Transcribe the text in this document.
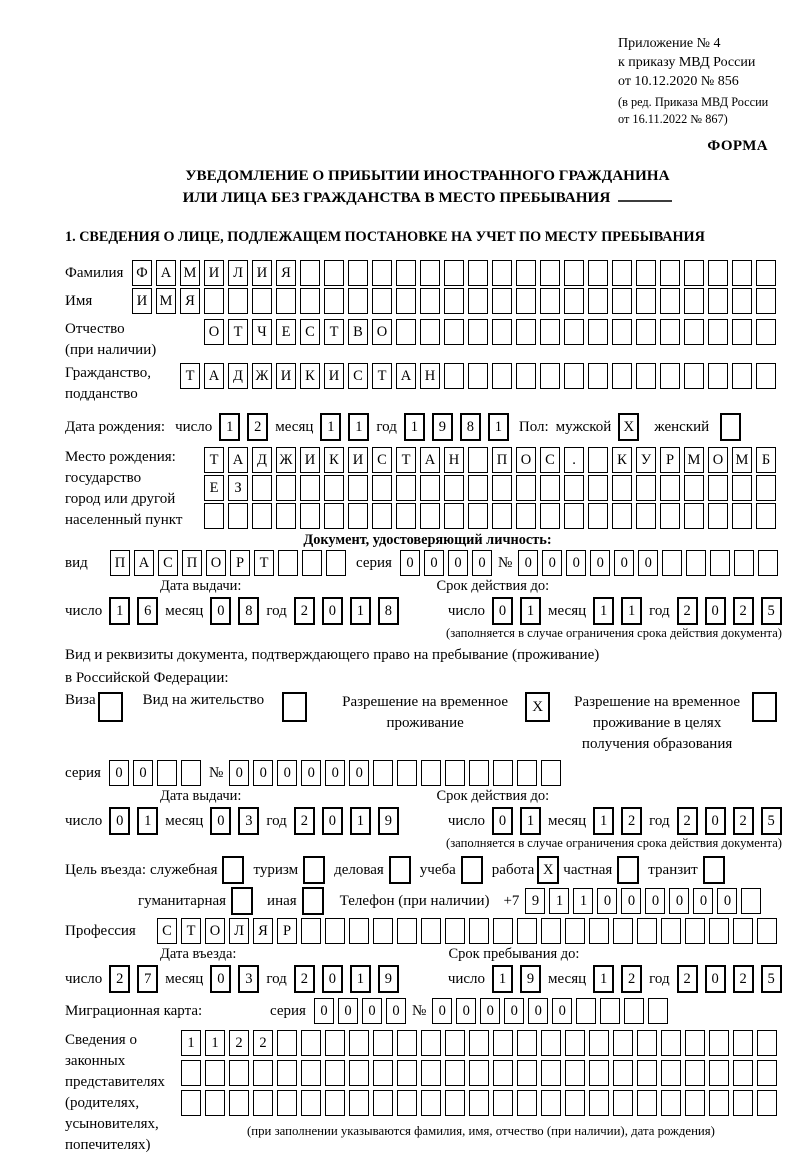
Приложение № 4
к приказу МВД России
от 10.12.2020 № 856
(в ред. Приказа МВД России
от 16.11.2022 № 867)
ФОРМА
УВЕДОМЛЕНИЕ О ПРИБЫТИИ ИНОСТРАННОГО ГРАЖДАНИНА
ИЛИ ЛИЦА БЕЗ ГРАЖДАНСТВА В МЕСТО ПРЕБЫВАНИЯ
1. СВЕДЕНИЯ О ЛИЦЕ, ПОДЛЕЖАЩЕМ ПОСТАНОВКЕ НА УЧЕТ ПО МЕСТУ ПРЕБЫВАНИЯ
Фамилия Ф А М И Л И Я
Имя	И М Я
Отчество
(при наличии)
О Т	Ч	Е	С	Т	В О
Гражданство,
подданство
Т А Д Ж И К И С	Т А Н
Дата рождения: число 1	2 месяц 1	1 год 1	9	8	1	Пол: мужской X	женский
Место рождения:
государство
город или другой
населенный пункт
Т А Д Ж И К И С	Т А Н	П О С	.	К У	Р М О М Б
Е	З
Документ, удостоверяющий личность:
вид	П А С П О	Р	Т	серия 0	0	0	0 № 0	0	0	0	0	0
Дата выдачи:	Срок действия до:
число 1	6 месяц 0	8 год 2	0	1	8	число 0	1 месяц 1	1 год 2	0	2	5
(заполняется в случае ограничения срока действия документа)
Вид и реквизиты документа, подтверждающего право на пребывание (проживание)
в Российской Федерации:
Виза	Вид на жительство	Разрешение на временное
проживание
X	Разрешение на временное
проживание в целях
получения образования
серия 0	0	№ 0	0	0	0	0	0
Дата выдачи:	Срок действия до:
число 0	1 месяц 0	3 год 2	0	1	9	число 0	1 месяц 1	2 год 2	0	2	5
(заполняется в случае ограничения срока действия документа)
Цель въезда: служебная туризм деловая учеба работа X частная транзит
гуманитарная	иная	Телефон (при наличии) +7 9	1	1	0	0	0	0	0	0
Профессия	С	Т О Л Я	Р
Дата въезда:	Срок пребывания до:
число 2	7 месяц 0	3 год 2	0	1	9	число 1	9 месяц 1	2 год 2	0	2	5
Миграционная карта:	серия 0	0	0	0 № 0	0	0	0	0	0
Сведения о
законных
представителях
(родителях,
усыновителях,
попечителях)
1	1	2	2
(при заполнении указываются фамилия, имя, отчество (при наличии), дата рождения)
